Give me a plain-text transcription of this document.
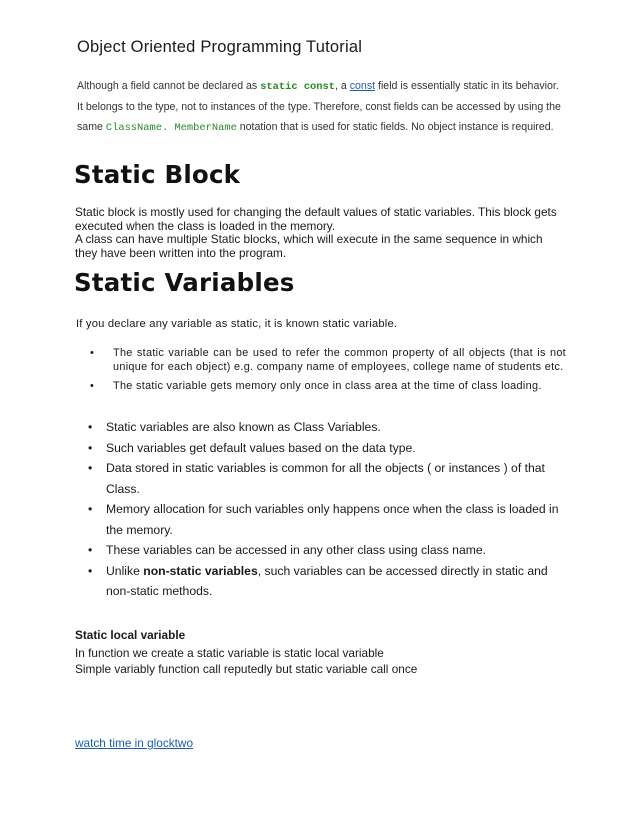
Object Oriented Programming Tutorial
Although a field cannot be declared as static const, a const field is essentially static in its behavior. It belongs to the type, not to instances of the type. Therefore, const fields can be accessed by using the same ClassName. MemberName notation that is used for static fields. No object instance is required.
Static Block
Static block is mostly used for changing the default values of static variables. This block gets executed when the class is loaded in the memory.
A class can have multiple Static blocks, which will execute in the same sequence in which they have been written into the program.
Static Variables
If you declare any variable as static, it is known static variable.
• The static variable can be used to refer the common property of all objects (that is not unique for each object) e.g. company name of employees, college name of students etc.
• The static variable gets memory only once in class area at the time of class loading.
• Static variables are also known as Class Variables.
• Such variables get default values based on the data type.
• Data stored in static variables is common for all the objects ( or instances ) of that Class.
• Memory allocation for such variables only happens once when the class is loaded in the memory.
• These variables can be accessed in any other class using class name.
• Unlike non-static variables, such variables can be accessed directly in static and non-static methods.
Static local variable
In function we create a static variable is static local variable
Simple variably function call reputedly but static variable call once
watch time in glocktwo
